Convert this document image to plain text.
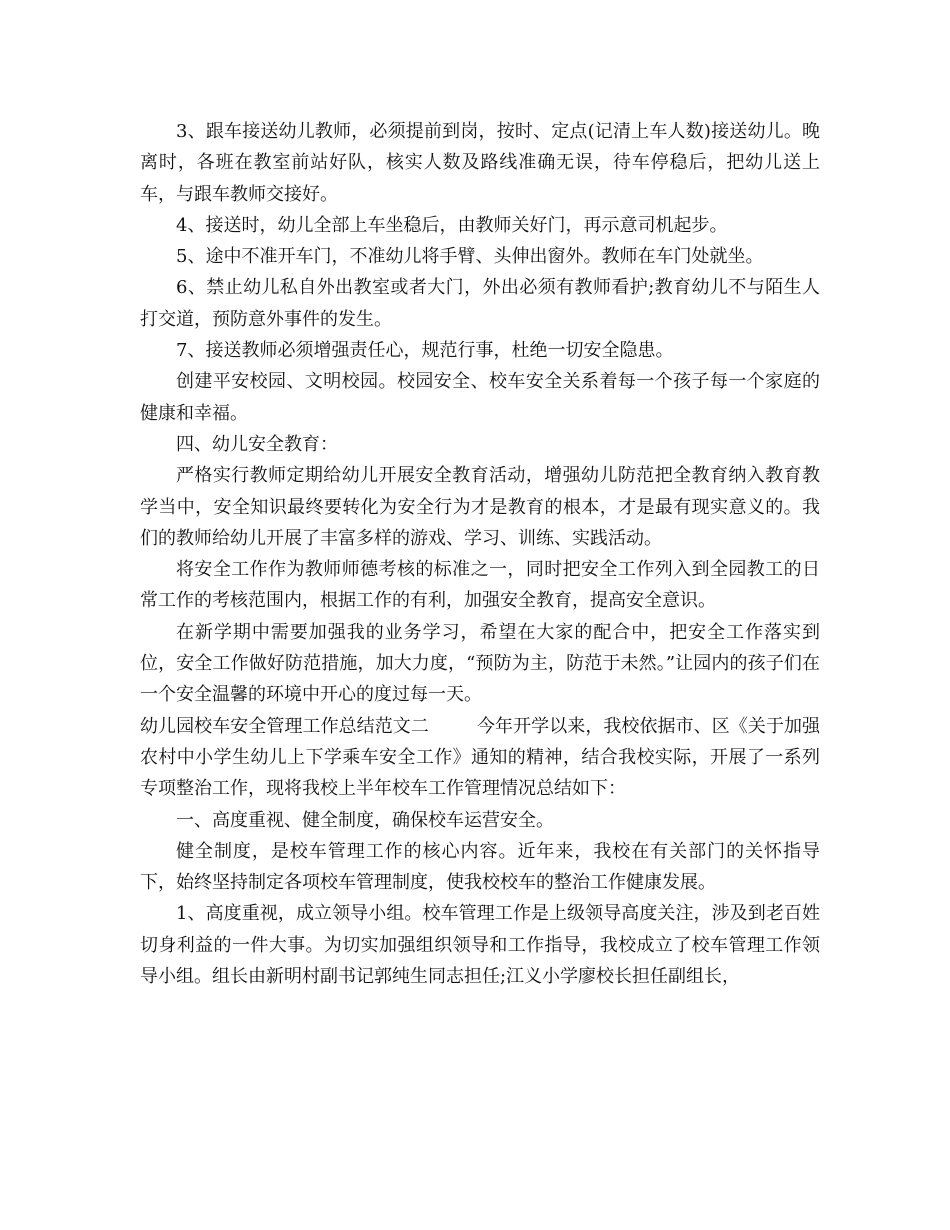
3、跟车接送幼儿教师，必须提前到岗，按时、定点(记清上车人数)接送幼儿。晚离时，各班在教室前站好队，核实人数及路线准确无误，待车停稳后，把幼儿送上车，与跟车教师交接好。

4、接送时，幼儿全部上车坐稳后，由教师关好门，再示意司机起步。

5、途中不准开车门，不准幼儿将手臂、头伸出窗外。教师在车门处就坐。

6、禁止幼儿私自外出教室或者大门，外出必须有教师看护;教育幼儿不与陌生人打交道，预防意外事件的发生。

7、接送教师必须增强责任心，规范行事，杜绝一切安全隐患。

创建平安校园、文明校园。校园安全、校车安全关系着每一个孩子每一个家庭的健康和幸福。

四、幼儿安全教育：

严格实行教师定期给幼儿开展安全教育活动，增强幼儿防范把全教育纳入教育教学当中，安全知识最终要转化为安全行为才是教育的根本，才是最有现实意义的。我们的教师给幼儿开展了丰富多样的游戏、学习、训练、实践活动。

将安全工作作为教师师德考核的标准之一，同时把安全工作列入到全园教工的日常工作的考核范围内，根据工作的有利，加强安全教育，提高安全意识。

在新学期中需要加强我的业务学习，希望在大家的配合中，把安全工作落实到位，安全工作做好防范措施，加大力度，“预防为主，防范于未然。”让园内的孩子们在一个安全温馨的环境中开心的度过每一天。

幼儿园校车安全管理工作总结范文二	今年开学以来，我校依据市、区《关于加强农村中小学生幼儿上下学乘车安全工作》通知的精神，结合我校实际，开展了一系列专项整治工作，现将我校上半年校车工作管理情况总结如下：

一、高度重视、健全制度，确保校车运营安全。

健全制度，是校车管理工作的核心内容。近年来，我校在有关部门的关怀指导下，始终坚持制定各项校车管理制度，使我校校车的整治工作健康发展。

1、高度重视，成立领导小组。校车管理工作是上级领导高度关注，涉及到老百姓切身利益的一件大事。为切实加强组织领导和工作指导，我校成立了校车管理工作领导小组。组长由新明村副书记郭纯生同志担任;江义小学廖校长担任副组长，
